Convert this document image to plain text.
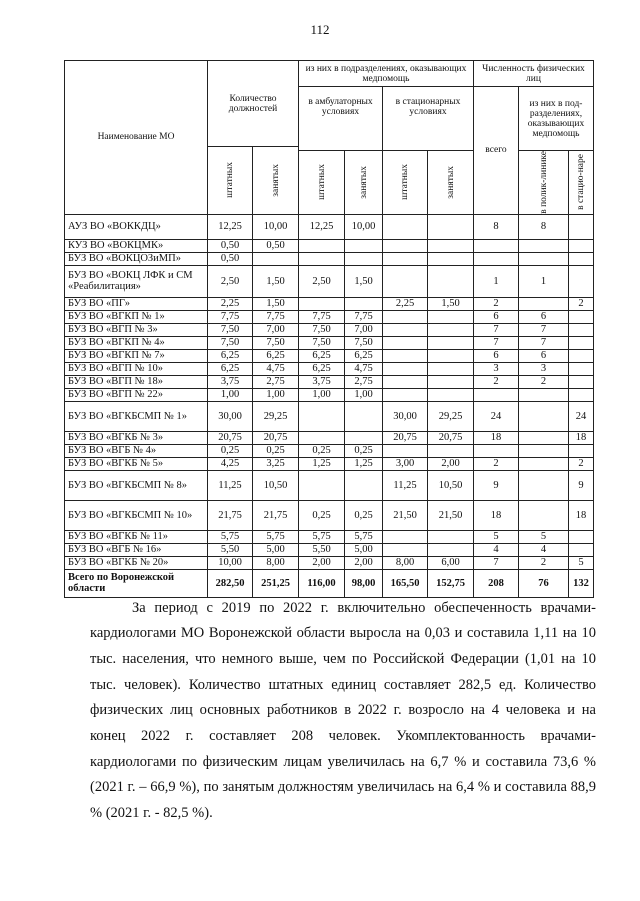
112
Наименование МО	Количество должностей		из них в подразделениях, оказывающих медпомощь				Численность физических лиц		
			в амбулаторных условиях		в стационарных условиях		всего	из них в под-разделениях, оказывающих медпомощь	

	штатных	занятых							

			штатных	занятых	штатных	занятых		в полик-линике	в стацио-наре

АУЗ ВО «ВОККДЦ»	12,25	10,00	12,25	10,00			8	8	
КУЗ ВО «ВОКЦМК»	0,50	0,50							
БУЗ ВО «ВОКЦОЗиМП»	0,50								
БУЗ ВО «ВОКЦ ЛФК и СМ «Реабилитация»	2,50	1,50	2,50	1,50			1	1	
БУЗ ВО «ПГ»	2,25	1,50			2,25	1,50	2		2
БУЗ ВО «ВГКП № 1»	7,75	7,75	7,75	7,75			6	6	
БУЗ ВО «ВГП № 3»	7,50	7,00	7,50	7,00			7	7	
БУЗ ВО «ВГКП № 4»	7,50	7,50	7,50	7,50			7	7	
БУЗ ВО «ВГКП № 7»	6,25	6,25	6,25	6,25			6	6	
БУЗ ВО «ВГП № 10»	6,25	4,75	6,25	4,75			3	3	
БУЗ ВО «ВГП № 18»	3,75	2,75	3,75	2,75			2	2	
БУЗ ВО «ВГП № 22»	1,00	1,00	1,00	1,00					
БУЗ ВО «ВГКБСМП № 1»	30,00	29,25			30,00	29,25	24		24
БУЗ ВО «ВГКБ № 3»	20,75	20,75			20,75	20,75	18		18
БУЗ ВО «ВГБ № 4»	0,25	0,25	0,25	0,25					
БУЗ ВО «ВГКБ № 5»	4,25	3,25	1,25	1,25	3,00	2,00	2		2
БУЗ ВО «ВГКБСМП № 8»	11,25	10,50			11,25	10,50	9		9
БУЗ ВО «ВГКБСМП № 10»	21,75	21,75	0,25	0,25	21,50	21,50	18		18
БУЗ ВО «ВГКБ № 11»	5,75	5,75	5,75	5,75			5	5	
БУЗ ВО «ВГБ № 16»	5,50	5,00	5,50	5,00			4	4	
БУЗ ВО «ВГКБ № 20»	10,00	8,00	2,00	2,00	8,00	6,00	7	2	5
Всего по Воронежской области	282,50	251,25	116,00	98,00	165,50	152,75	208	76	132

За период с 2019 по 2022 г. включительно обеспеченность врачами-кардиологами МО Воронежской области выросла на 0,03 и составила 1,11 на 10 тыс. населения, что немного выше, чем по Российской Федерации (1,01 на 10 тыс. человек). Количество штатных единиц составляет 282,5 ед. Количество физических лиц основных работников в 2022 г. возросло на 4 человека и на конец 2022 г. составляет 208 человек. Укомплектованность врачами-кардиологами по физическим лицам увеличилась на 6,7 % и составила 73,6 % (2021 г. – 66,9 %), по занятым должностям увеличилась на 6,4 % и составила 88,9 % (2021 г. - 82,5 %).
